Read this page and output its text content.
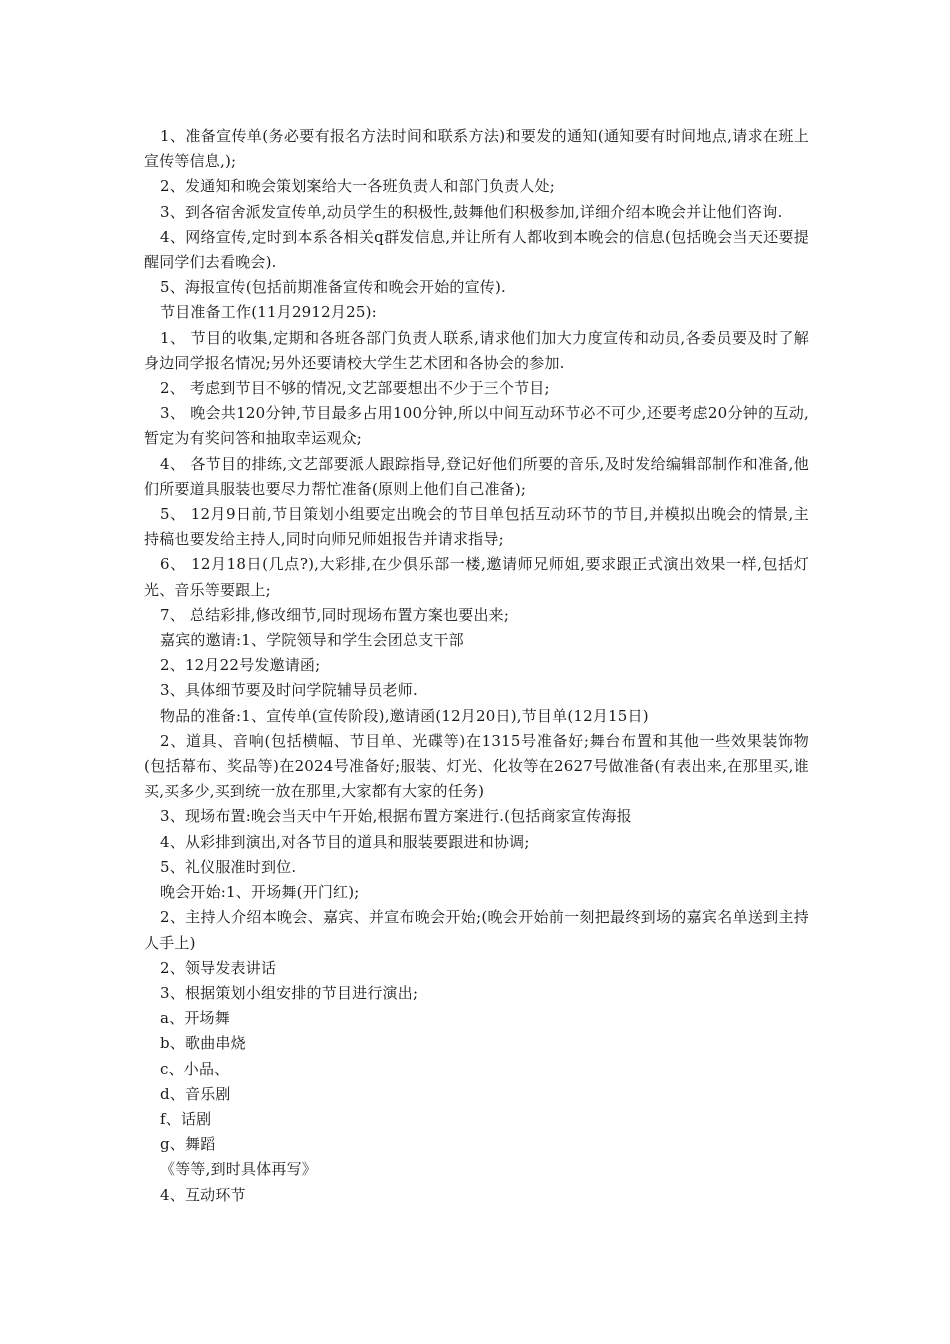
1、准备宣传单(务必要有报名方法时间和联系方法)和要发的通知(通知要有时间地点,请求在班上宣传等信息,);

2、发通知和晚会策划案给大一各班负责人和部门负责人处;

3、到各宿舍派发宣传单,动员学生的积极性,鼓舞他们积极参加,详细介绍本晚会并让他们咨询.

4、网络宣传,定时到本系各相关q群发信息,并让所有人都收到本晚会的信息(包括晚会当天还要提醒同学们去看晚会).

5、海报宣传(包括前期准备宣传和晚会开始的宣传).

节目准备工作(11月2912月25):

1、 节目的收集,定期和各班各部门负责人联系,请求他们加大力度宣传和动员,各委员要及时了解身边同学报名情况;另外还要请校大学生艺术团和各协会的参加.

2、 考虑到节目不够的情况,文艺部要想出不少于三个节目;

3、 晚会共120分钟,节目最多占用100分钟,所以中间互动环节必不可少,还要考虑20分钟的互动,暂定为有奖问答和抽取幸运观众;

4、 各节目的排练,文艺部要派人跟踪指导,登记好他们所要的音乐,及时发给编辑部制作和准备,他们所要道具服装也要尽力帮忙准备(原则上他们自己准备);

5、 12月9日前,节目策划小组要定出晚会的节目单包括互动环节的节目,并模拟出晚会的情景,主持稿也要发给主持人,同时向师兄师姐报告并请求指导;

6、 12月18日(几点?),大彩排,在少俱乐部一楼,邀请师兄师姐,要求跟正式演出效果一样,包括灯光、音乐等要跟上;

7、 总结彩排,修改细节,同时现场布置方案也要出来;

嘉宾的邀请:1、学院领导和学生会团总支干部

2、12月22号发邀请函;

3、具体细节要及时问学院辅导员老师.

物品的准备:1、宣传单(宣传阶段),邀请函(12月20日),节目单(12月15日)

2、道具、音响(包括横幅、节目单、光碟等)在1315号准备好;舞台布置和其他一些效果装饰物(包括幕布、奖品等)在2024号准备好;服装、灯光、化妆等在2627号做准备(有表出来,在那里买,谁买,买多少,买到统一放在那里,大家都有大家的任务)

3、现场布置:晚会当天中午开始,根据布置方案进行.(包括商家宣传海报

4、从彩排到演出,对各节目的道具和服装要跟进和协调;

5、礼仪服准时到位.

晚会开始:1、开场舞(开门红);

2、主持人介绍本晚会、嘉宾、并宣布晚会开始;(晚会开始前一刻把最终到场的嘉宾名单送到主持人手上)

2、领导发表讲话

3、根据策划小组安排的节目进行演出;

a、开场舞

b、歌曲串烧

c、小品、

d、音乐剧

f、话剧

g、舞蹈

《等等,到时具体再写》

4、互动环节
